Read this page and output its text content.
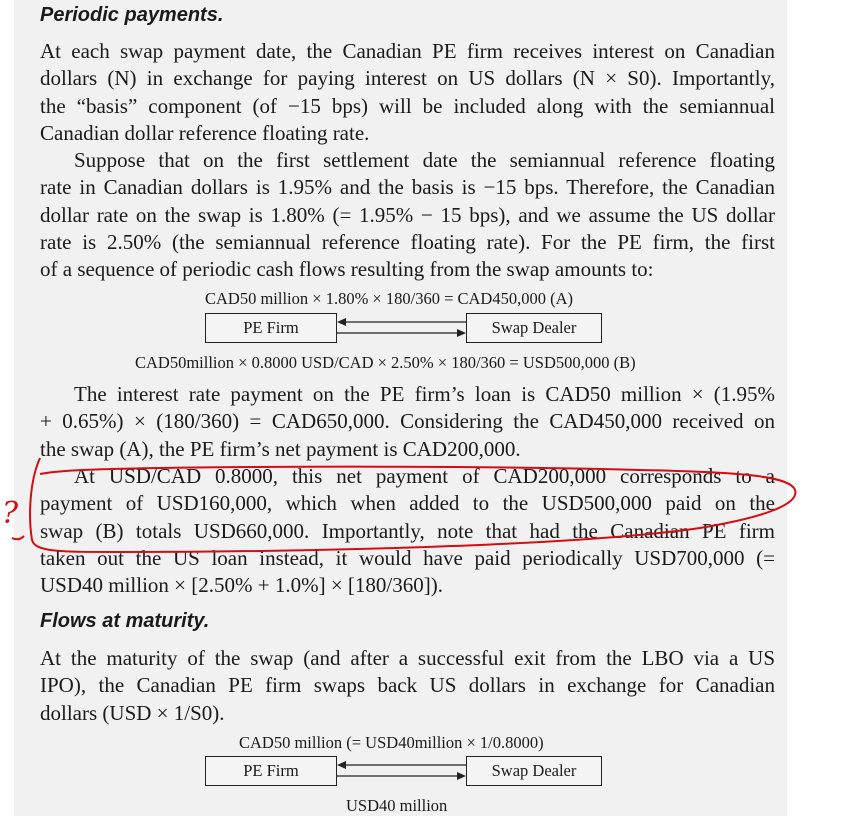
Periodic payments.
At each swap payment date, the Canadian PE firm receives interest on Canadian
dollars (N) in exchange for paying interest on US dollars (N × S0). Importantly,
the “basis” component (of −15 bps) will be included along with the semiannual
Canadian dollar reference floating rate.
Suppose that on the first settlement date the semiannual reference floating
rate in Canadian dollars is 1.95% and the basis is −15 bps. Therefore, the Canadian
dollar rate on the swap is 1.80% (= 1.95% − 15 bps), and we assume the US dollar
rate is 2.50% (the semiannual reference floating rate). For the PE firm, the first
of a sequence of periodic cash flows resulting from the swap amounts to:
CAD50 million × 1.80% × 180/360 = CAD450,000 (A)
PE Firm	Swap Dealer
CAD50million × 0.8000 USD/CAD × 2.50% × 180/360 = USD500,000 (B)
The interest rate payment on the PE firm’s loan is CAD50 million × (1.95%
+ 0.65%) × (180/360) = CAD650,000. Considering the CAD450,000 received on
the swap (A), the PE firm’s net payment is CAD200,000.
At USD/CAD 0.8000, this net payment of CAD200,000 corresponds to a
payment of USD160,000, which when added to the USD500,000 paid on the
swap (B) totals USD660,000. Importantly, note that had the Canadian PE firm
taken out the US loan instead, it would have paid periodically USD700,000 (=
USD40 million × [2.50% + 1.0%] × [180/360]).
Flows at maturity.
At the maturity of the swap (and after a successful exit from the LBO via a US
IPO), the Canadian PE firm swaps back US dollars in exchange for Canadian
dollars (USD × 1/S0).
CAD50 million (= USD40million × 1/0.8000)
PE Firm	Swap Dealer
USD40 million
?
